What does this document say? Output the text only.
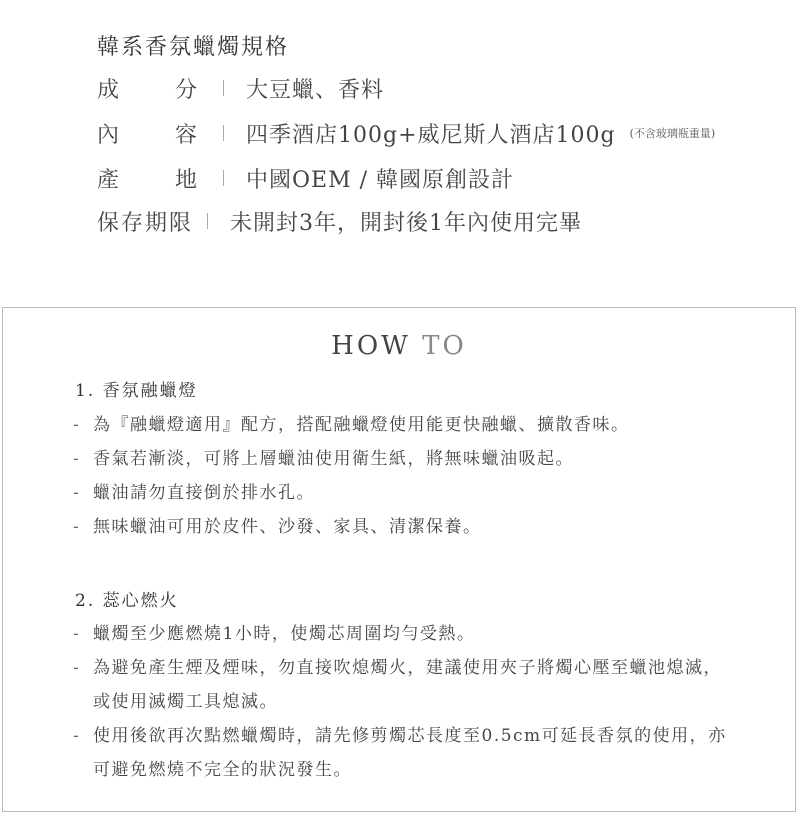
韓系香氛蠟燭規格
成	分 大豆蠟、香料
內	容 四季酒店100g+威尼斯人酒店100g (不含玻璃瓶重量)
產	地 中國OEM / 韓國原創設計
保存期限 未開封3年，開封後1年內使用完畢
HOW TO
1. 香氛融蠟燈
- 為『融蠟燈適用』配方，搭配融蠟燈使用能更快融蠟、擴散香味。
- 香氣若漸淡，可將上層蠟油使用衛生紙，將無味蠟油吸起。
- 蠟油請勿直接倒於排水孔。
- 無味蠟油可用於皮件、沙發、家具、清潔保養。
2. 蕊心燃火
- 蠟燭至少應燃燒1小時，使燭芯周圍均勻受熱。
- 為避免產生煙及煙味，勿直接吹熄燭火，建議使用夾子將燭心壓至蠟池熄滅，或使用滅燭工具熄滅。
- 使用後欲再次點燃蠟燭時，請先修剪燭芯長度至0.5cm可延長香氛的使用，亦可避免燃燒不完全的狀況發生。
